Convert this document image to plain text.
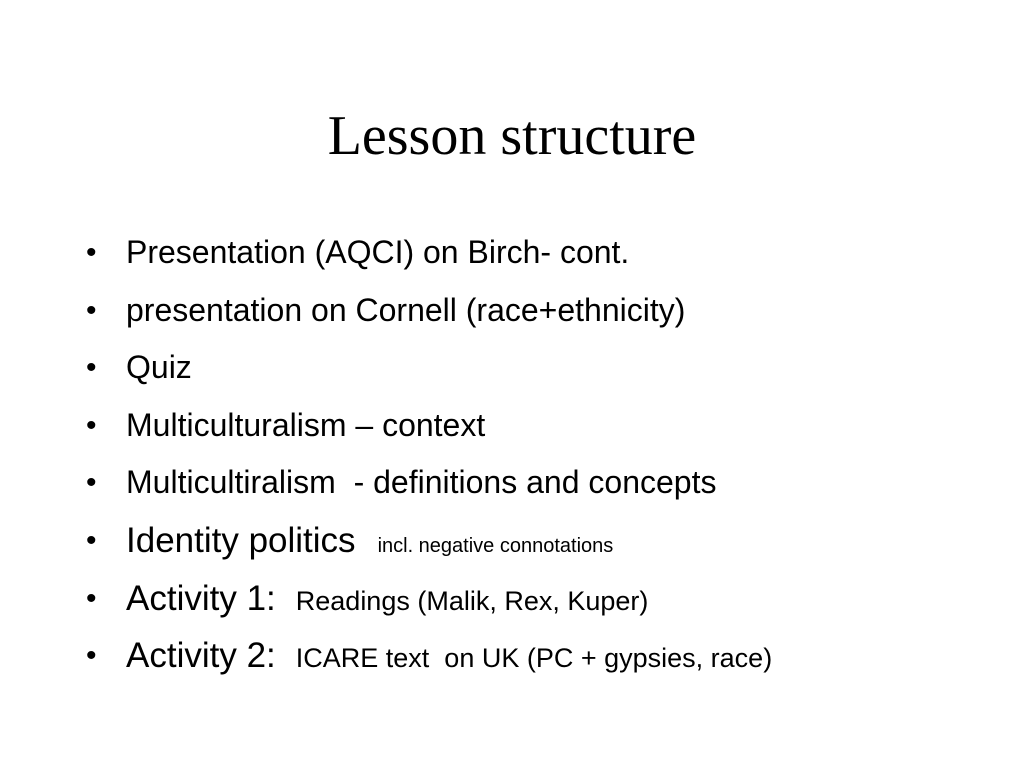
Lesson structure
• Presentation (AQCI) on Birch- cont.
• presentation on Cornell (race+ethnicity)
• Quiz
• Multiculturalism – context
• Multicultiralism  - definitions and concepts
• Identity politics incl. negative connotations
• Activity 1: Readings (Malik, Rex, Kuper)
• Activity 2: ICARE text  on UK (PC + gypsies, race)
